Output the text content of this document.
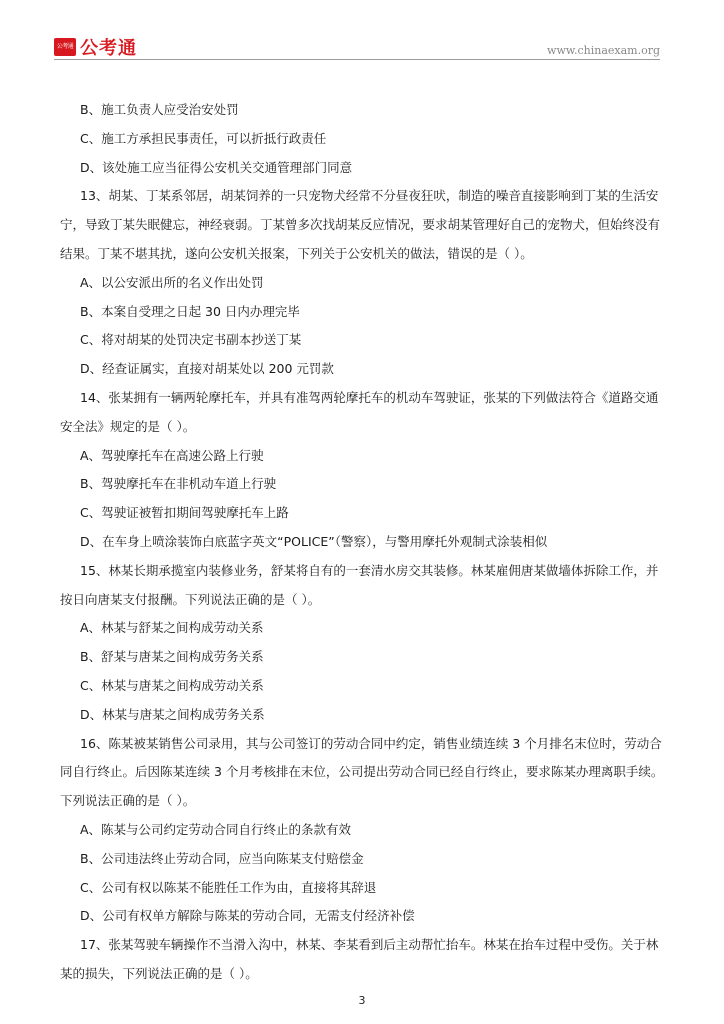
公考通 公考通	www.chinaexam.org
B、施工负责人应受治安处罚
C、施工方承担民事责任，可以折抵行政责任
D、该处施工应当征得公安机关交通管理部门同意
13、胡某、丁某系邻居，胡某饲养的一只宠物犬经常不分昼夜狂吠，制造的噪音直接影响到丁某的生活安
宁，导致丁某失眠健忘，神经衰弱。丁某曾多次找胡某反应情况，要求胡某管理好自己的宠物犬，但始终没有
结果。丁某不堪其扰，遂向公安机关报案，下列关于公安机关的做法，错误的是（ ）。
A、以公安派出所的名义作出处罚
B、本案自受理之日起 30 日内办理完毕
C、将对胡某的处罚决定书副本抄送丁某
D、经查证属实，直接对胡某处以 200 元罚款
14、张某拥有一辆两轮摩托车，并具有准驾两轮摩托车的机动车驾驶证，张某的下列做法符合《道路交通
安全法》规定的是（ ）。
A、驾驶摩托车在高速公路上行驶
B、驾驶摩托车在非机动车道上行驶
C、驾驶证被暂扣期间驾驶摩托车上路
D、在车身上喷涂装饰白底蓝字英文“POLICE”（警察），与警用摩托外观制式涂装相似
15、林某长期承揽室内装修业务，舒某将自有的一套清水房交其装修。林某雇佣唐某做墙体拆除工作，并
按日向唐某支付报酬。下列说法正确的是（ ）。
A、林某与舒某之间构成劳动关系
B、舒某与唐某之间构成劳务关系
C、林某与唐某之间构成劳动关系
D、林某与唐某之间构成劳务关系
16、陈某被某销售公司录用，其与公司签订的劳动合同中约定，销售业绩连续 3 个月排名末位时，劳动合
同自行终止。后因陈某连续 3 个月考核排在末位，公司提出劳动合同已经自行终止，要求陈某办理离职手续。
下列说法正确的是（ ）。
A、陈某与公司约定劳动合同自行终止的条款有效
B、公司违法终止劳动合同，应当向陈某支付赔偿金
C、公司有权以陈某不能胜任工作为由，直接将其辞退
D、公司有权单方解除与陈某的劳动合同，无需支付经济补偿
17、张某驾驶车辆操作不当滑入沟中，林某、李某看到后主动帮忙抬车。林某在抬车过程中受伤。关于林
某的损失，下列说法正确的是（ ）。
3
